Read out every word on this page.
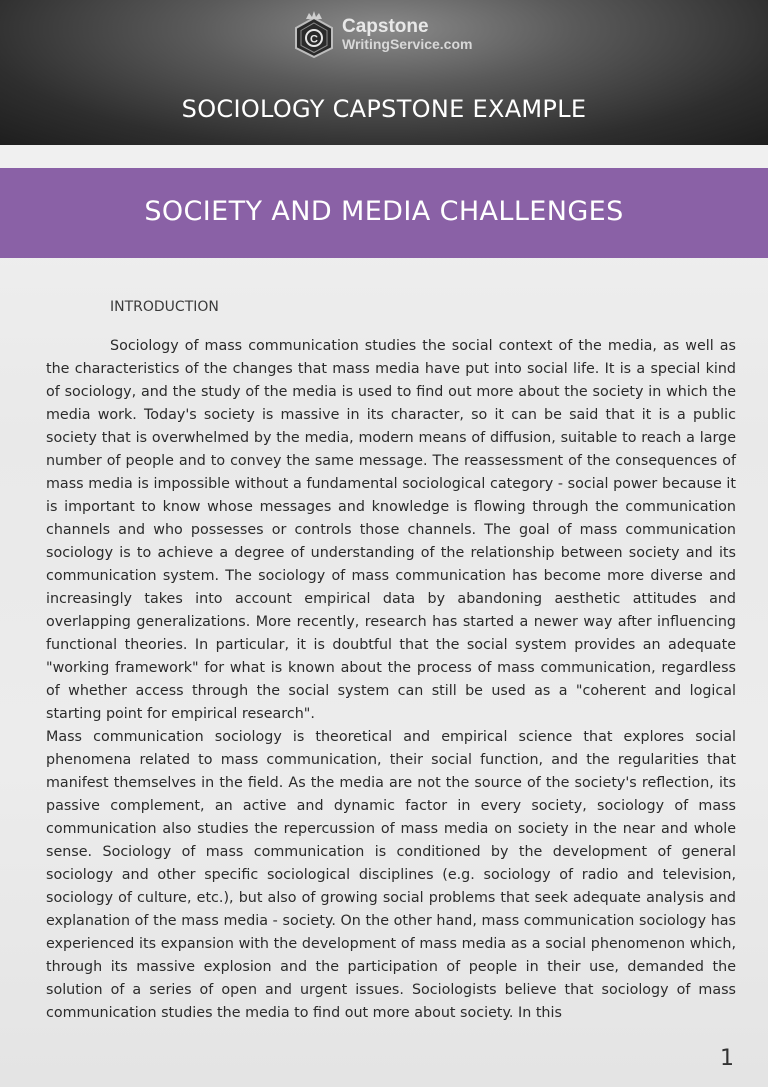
C
Capstone
WritingService.com
SOCIOLOGY CAPSTONE EXAMPLE
SOCIETY AND MEDIA CHALLENGES
INTRODUCTION

Sociology of mass communication studies the social context of the media, as well as the characteristics of the changes that mass media have put into social life. It is a special kind of sociology, and the study of the media is used to find out more about the society in which the media work. Today's society is massive in its character, so it can be said that it is a public society that is overwhelmed by the media, modern means of diffusion, suitable to reach a large number of people and to convey the same message. The reassessment of the consequences of mass media is impossible without a fundamental sociological category - social power because it is important to know whose messages and knowledge is flowing through the communication channels and who possesses or controls those channels. The goal of mass communication sociology is to achieve a degree of understanding of the relationship between society and its communication system. The sociology of mass communication has become more diverse and increasingly takes into account empirical data by abandoning aesthetic attitudes and overlapping generalizations. More recently, research has started a newer way after influencing functional theories. In particular, it is doubtful that the social system provides an adequate "working framework" for what is known about the process of mass communication, regardless of whether access through the social system can still be used as a "coherent and logical starting point for empirical research".

Mass communication sociology is theoretical and empirical science that explores social phenomena related to mass communication, their social function, and the regularities that manifest themselves in the field. As the media are not the source of the society's reflection, its passive complement, an active and dynamic factor in every society, sociology of mass communication also studies the repercussion of mass media on society in the near and whole sense. Sociology of mass communication is conditioned by the development of general sociology and other specific sociological disciplines (e.g. sociology of radio and television, sociology of culture, etc.), but also of growing social problems that seek adequate analysis and explanation of the mass media - society. On the other hand, mass communication sociology has experienced its expansion with the development of mass media as a social phenomenon which, through its massive explosion and the participation of people in their use, demanded the solution of a series of open and urgent issues. Sociologists believe that sociology of mass communication studies the media to find out more about society. In this

1
